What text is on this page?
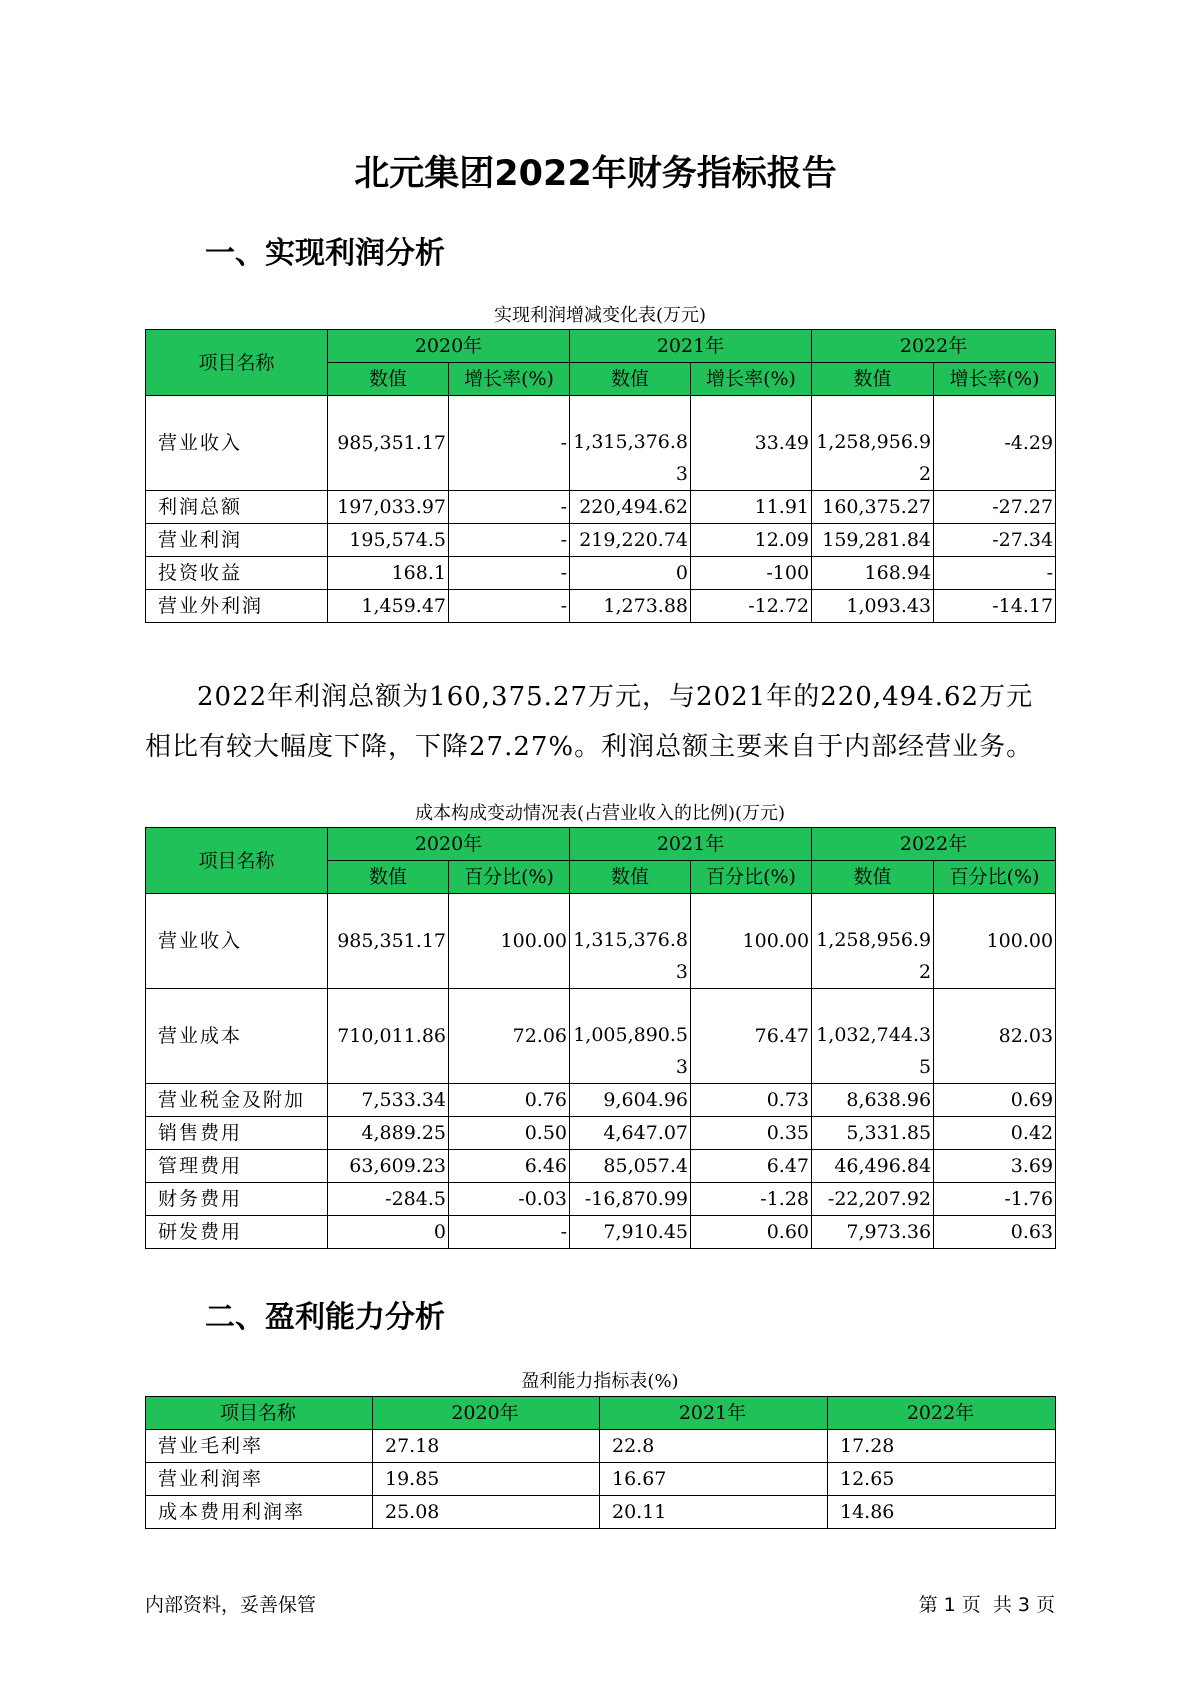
北元集团2022年财务指标报告
一、实现利润分析
实现利润增减变化表(万元)
项目名称	2020年		2021年		2022年	
	数值	增长率(%)	数值	增长率(%)	数值	增长率(%)
营业收入	985,351.17	-	1,315,376.83	33.49	1,258,956.92	-4.29
利润总额	197,033.97	-	220,494.62	11.91	160,375.27	-27.27
营业利润	195,574.5	-	219,220.74	12.09	159,281.84	-27.34
投资收益	168.1	-	0	-100	168.94	-
营业外利润	1,459.47	-	1,273.88	-12.72	1,093.43	-14.17
2022年利润总额为160,375.27万元，与2021年的220,494.62万元相比有较大幅度下降，下降27.27%。利润总额主要来自于内部经营业务。
成本构成变动情况表(占营业收入的比例)(万元)
项目名称	2020年		2021年		2022年	
	数值	百分比(%)	数值	百分比(%)	数值	百分比(%)
营业收入	985,351.17	100.00	1,315,376.83	100.00	1,258,956.92	100.00
营业成本	710,011.86	72.06	1,005,890.53	76.47	1,032,744.35	82.03
营业税金及附加	7,533.34	0.76	9,604.96	0.73	8,638.96	0.69
销售费用	4,889.25	0.50	4,647.07	0.35	5,331.85	0.42
管理费用	63,609.23	6.46	85,057.4	6.47	46,496.84	3.69
财务费用	-284.5	-0.03	-16,870.99	-1.28	-22,207.92	-1.76
研发费用	0	-	7,910.45	0.60	7,973.36	0.63
二、盈利能力分析
盈利能力指标表(%)
项目名称	2020年	2021年	2022年
营业毛利率	27.18	22.8	17.28
营业利润率	19.85	16.67	12.65
成本费用利润率	25.08	20.11	14.86
内部资料，妥善保管	第 1 页  共 3 页
